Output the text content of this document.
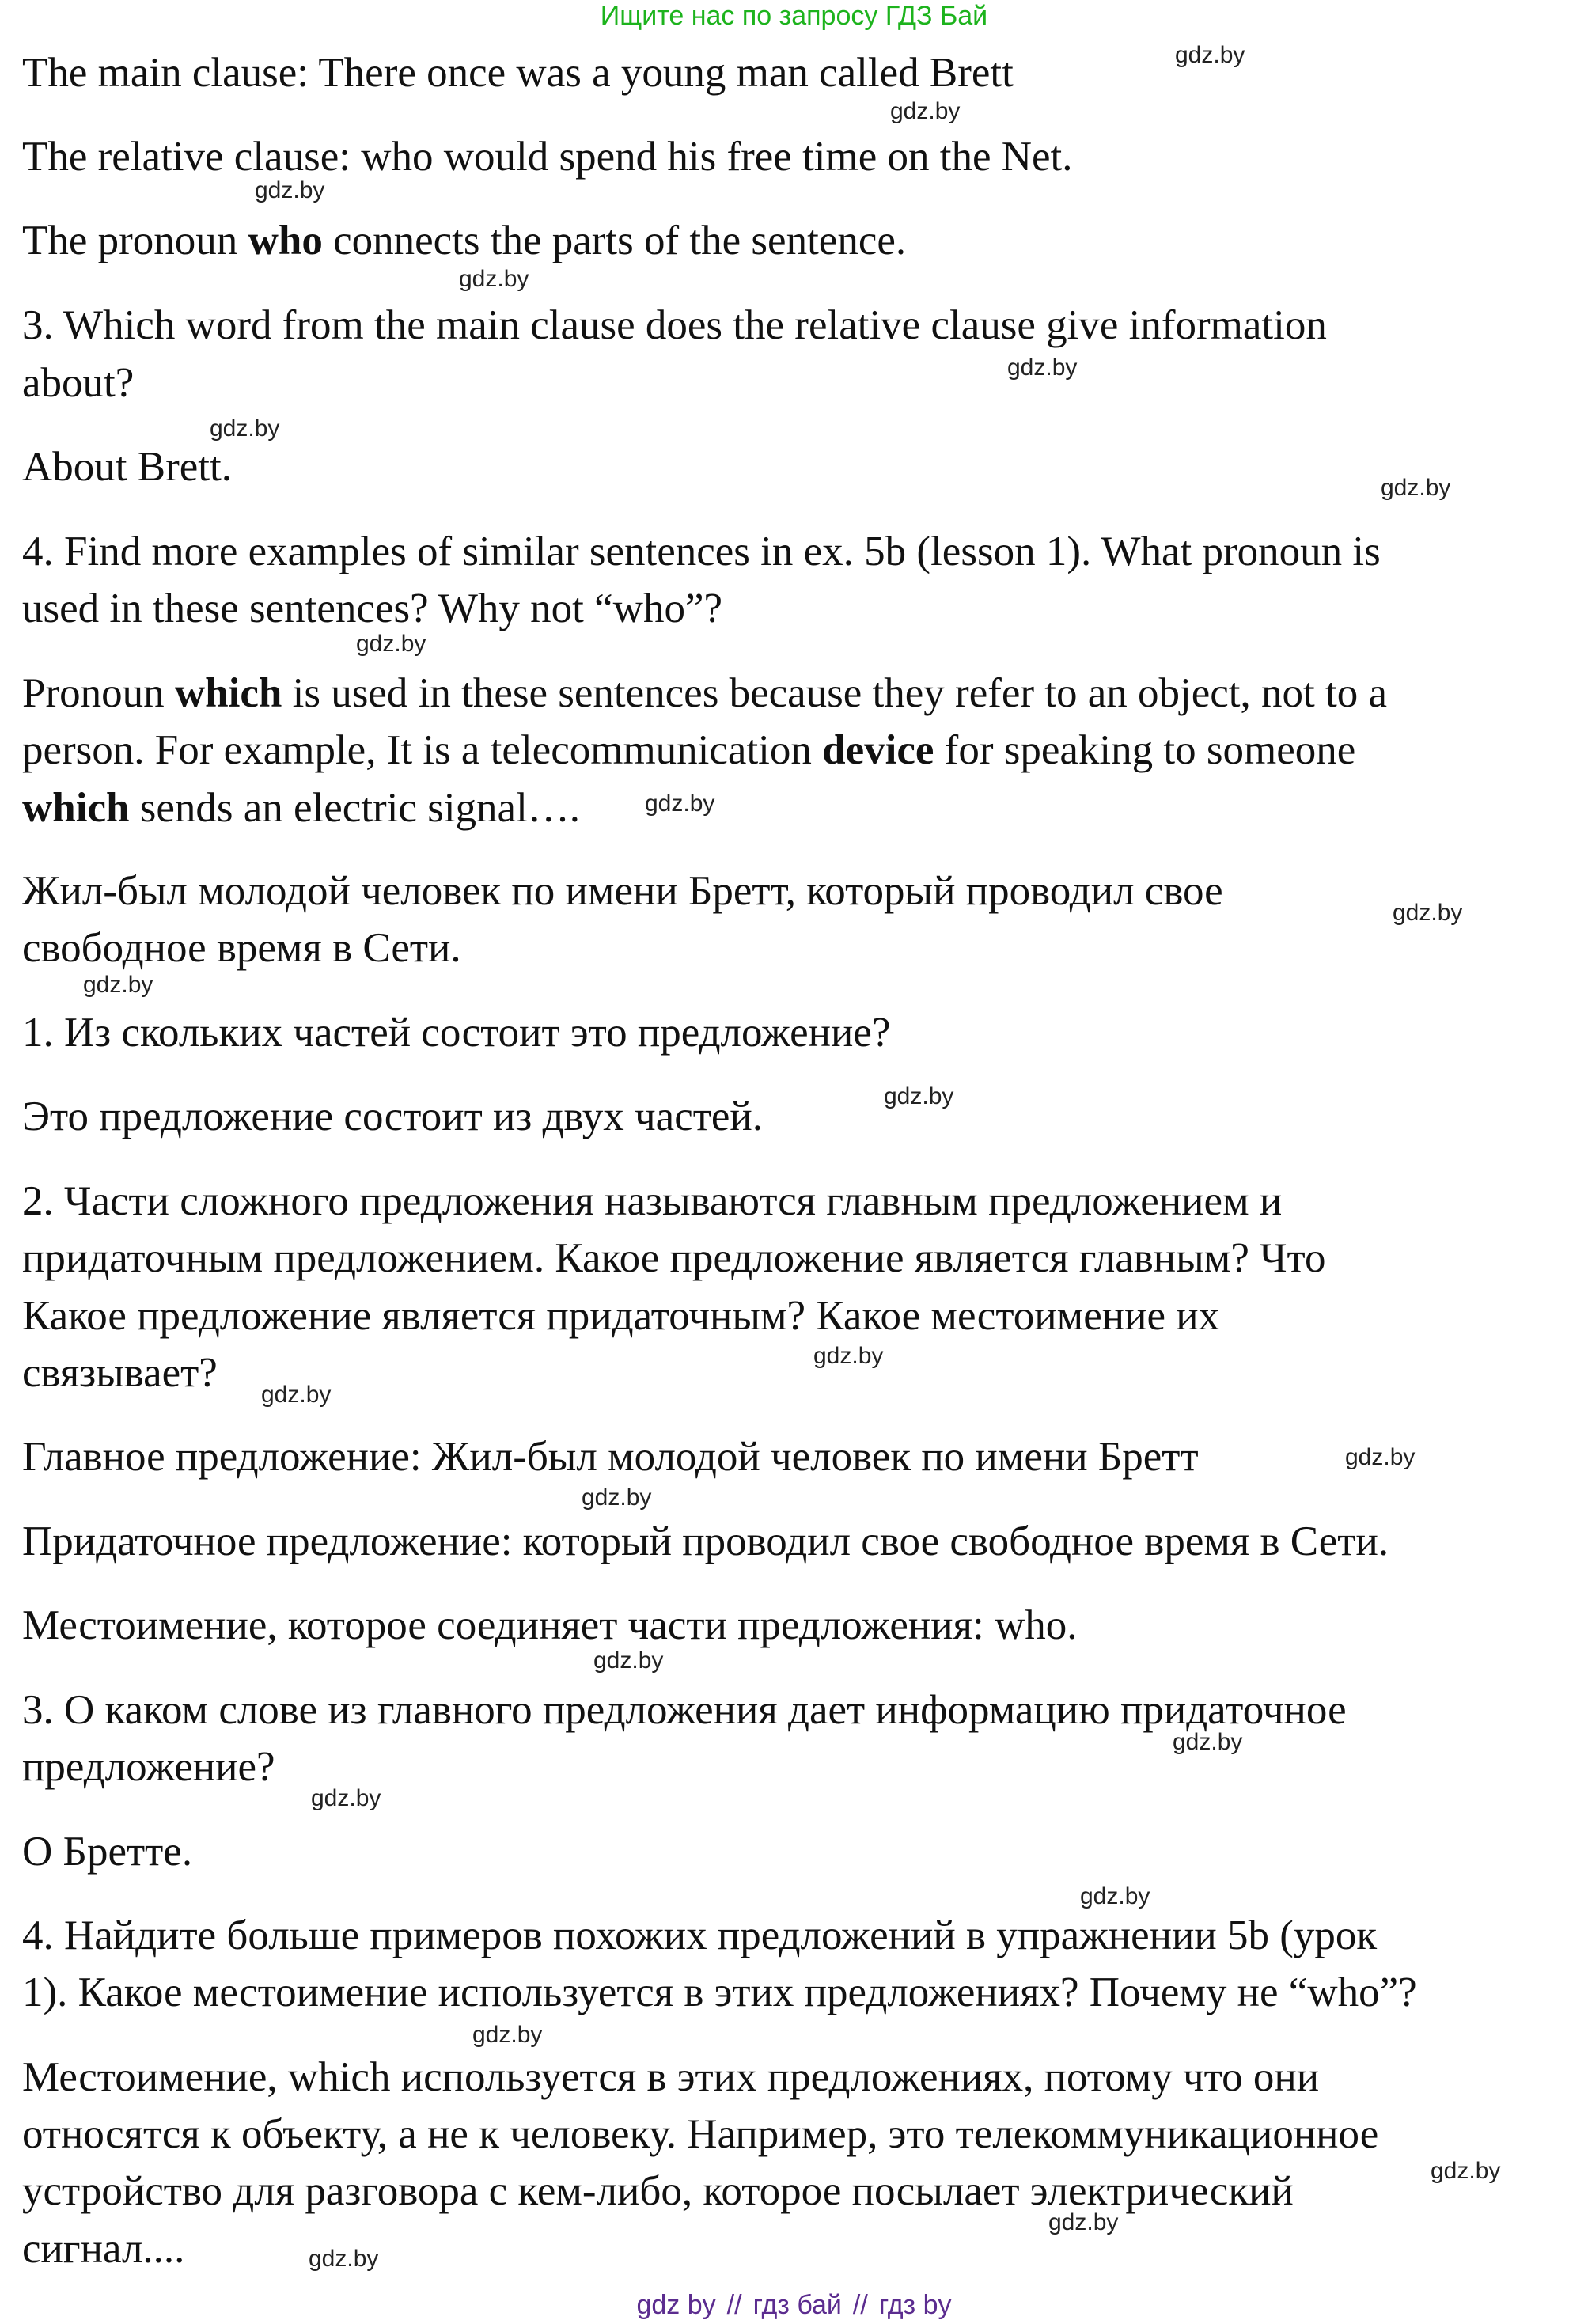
Ищите нас по запросу ГДЗ Бай
The main clause: There once was a young man called Brett
The relative clause: who would spend his free time on the Net.
The pronoun who connects the parts of the sentence.
3. Which word from the main clause does the relative clause give information
about?
About Brett.
4. Find more examples of similar sentences in ex. 5b (lesson 1). What pronoun is
used in these sentences? Why not “who”?
Pronoun which is used in these sentences because they refer to an object, not to a
person. For example, It is a telecommunication device for speaking to someone
which sends an electric signal….
Жил-был молодой человек по имени Бретт, который проводил свое
свободное время в Сети.
1. Из скольких частей состоит это предложение?
Это предложение состоит из двух частей.
2. Части сложного предложения называются главным предложением и
придаточным предложением. Какое предложение является главным? Что
Какое предложение является придаточным? Какое местоимение их
связывает?
Главное предложение: Жил-был молодой человек по имени Бретт
Придаточное предложение: который проводил свое свободное время в Сети.
Местоимение, которое соединяет части предложения: who.
3. О каком слове из главного предложения дает информацию придаточное
предложение?
О Бретте.
4. Найдите больше примеров похожих предложений в упражнении 5b (урок
1). Какое местоимение используется в этих предложениях? Почему не “who”?
Местоимение, which используется в этих предложениях, потому что они
относятся к объекту, а не к человеку. Например, это телекоммуникационное
устройство для разговора с кем-либо, которое посылает электрический
сигнал....
gdz.by
gdz.by
gdz.by
gdz.by
gdz.by
gdz.by
gdz.by
gdz.by
gdz.by
gdz.by
gdz.by
gdz.by
gdz.by
gdz.by
gdz.by
gdz.by
gdz.by
gdz.by
gdz.by
gdz.by
gdz.by
gdz.by
gdz.by
gdz.by
gdz by // гдз бай // гдз by
